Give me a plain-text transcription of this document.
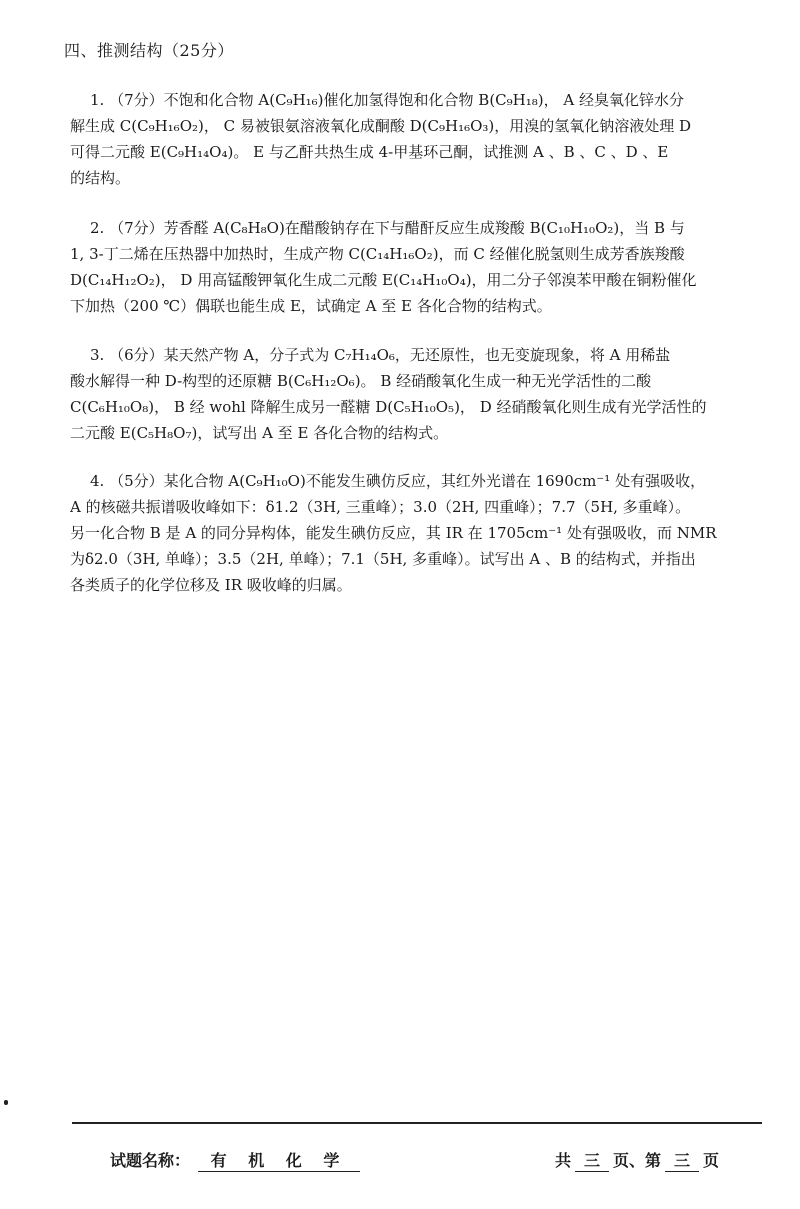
四、推测结构（25分）
1. （7分）不饱和化合物 A(C₉H₁₆)催化加氢得饱和化合物 B(C₉H₁₈)， A 经臭氧化锌水分
解生成 C(C₉H₁₆O₂)， C 易被银氨溶液氧化成酮酸 D(C₉H₁₆O₃)，用溴的氢氧化钠溶液处理 D
可得二元酸 E(C₉H₁₄O₄)。 E 与乙酐共热生成 4-甲基环己酮，试推测 A 、B 、C 、D 、E
的结构。
2. （7分）芳香醛 A(C₈H₈O)在醋酸钠存在下与醋酐反应生成羧酸 B(C₁₀H₁₀O₂)，当 B 与
1, 3-丁二烯在压热器中加热时，生成产物 C(C₁₄H₁₆O₂)，而 C 经催化脱氢则生成芳香族羧酸
D(C₁₄H₁₂O₂)， D 用高锰酸钾氧化生成二元酸 E(C₁₄H₁₀O₄)，用二分子邻溴苯甲酸在铜粉催化
下加热（200 ℃）偶联也能生成 E，试确定 A 至 E 各化合物的结构式。
3. （6分）某天然产物 A，分子式为 C₇H₁₄O₆，无还原性，也无变旋现象，将 A 用稀盐
酸水解得一种 D-构型的还原糖 B(C₆H₁₂O₆)。 B 经硝酸氧化生成一种无光学活性的二酸
C(C₆H₁₀O₈)， B 经 wohl 降解生成另一醛糖 D(C₅H₁₀O₅)， D 经硝酸氧化则生成有光学活性的
二元酸 E(C₅H₈O₇)，试写出 A 至 E 各化合物的结构式。
4. （5分）某化合物 A(C₉H₁₀O)不能发生碘仿反应，其红外光谱在 1690cm⁻¹ 处有强吸收，
A 的核磁共振谱吸收峰如下：δ1.2（3H, 三重峰）；3.0（2H, 四重峰）；7.7（5H, 多重峰）。
另一化合物 B 是 A 的同分异构体，能发生碘仿反应，其 IR 在 1705cm⁻¹ 处有强吸收，而 NMR
为δ2.0（3H, 单峰）；3.5（2H, 单峰）；7.1（5H, 多重峰）。试写出 A 、B 的结构式，并指出
各类质子的化学位移及 IR 吸收峰的归属。
试题名称： 有 机 化 学	共 三 页、第 三 页
